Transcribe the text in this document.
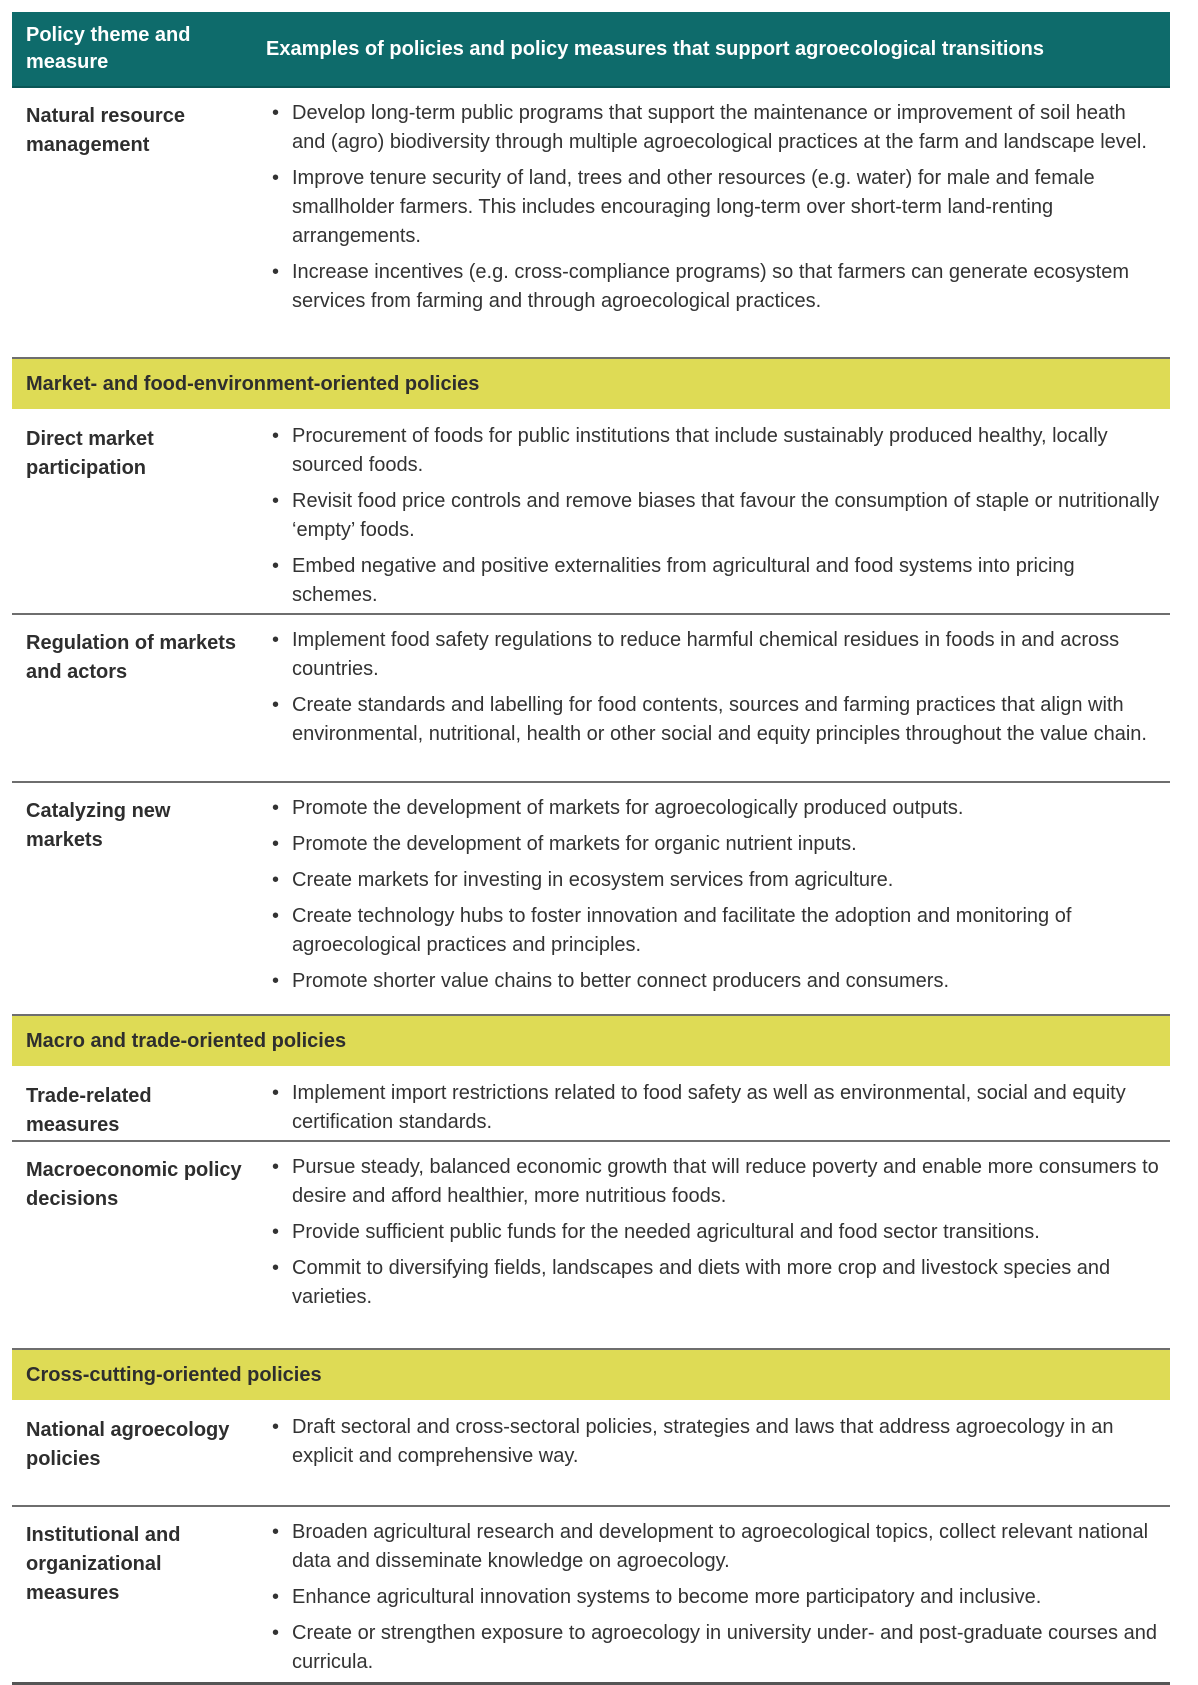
Policy theme and measure
Examples of policies and policy measures that support agroecological transitions
Natural resource management
• Develop long-term public programs that support the maintenance or improvement of soil heath and (agro) biodiversity through multiple agroecological practices at the farm and landscape level.
• Improve tenure security of land, trees and other resources (e.g. water) for male and female smallholder farmers. This includes encouraging long-term over short-term land-renting arrangements.
• Increase incentives (e.g. cross-compliance programs) so that farmers can generate ecosystem services from farming and through agroecological practices.
Market- and food-environment-oriented policies
Direct market participation
• Procurement of foods for public institutions that include sustainably produced healthy, locally sourced foods.
• Revisit food price controls and remove biases that favour the consumption of staple or nutritionally ‘empty’ foods.
• Embed negative and positive externalities from agricultural and food systems into pricing schemes.
Regulation of markets and actors
• Implement food safety regulations to reduce harmful chemical residues in foods in and across countries.
• Create standards and labelling for food contents, sources and farming practices that align with environmental, nutritional, health or other social and equity principles throughout the value chain.
Catalyzing new markets
• Promote the development of markets for agroecologically produced outputs.
• Promote the development of markets for organic nutrient inputs.
• Create markets for investing in ecosystem services from agriculture.
• Create technology hubs to foster innovation and facilitate the adoption and monitoring of agroecological practices and principles.
• Promote shorter value chains to better connect producers and consumers.
Macro and trade-oriented policies
Trade-related measures
• Implement import restrictions related to food safety as well as environmental, social and equity certification standards.
Macroeconomic policy decisions
• Pursue steady, balanced economic growth that will reduce poverty and enable more consumers to desire and afford healthier, more nutritious foods.
• Provide sufficient public funds for the needed agricultural and food sector transitions.
• Commit to diversifying fields, landscapes and diets with more crop and livestock species and varieties.
Cross-cutting-oriented policies
National agroecology policies
• Draft sectoral and cross-sectoral policies, strategies and laws that address agroecology in an explicit and comprehensive way.
Institutional and organizational measures
• Broaden agricultural research and development to agroecological topics, collect relevant national data and disseminate knowledge on agroecology.
• Enhance agricultural innovation systems to become more participatory and inclusive.
• Create or strengthen exposure to agroecology in university under- and post-graduate courses and curricula.
